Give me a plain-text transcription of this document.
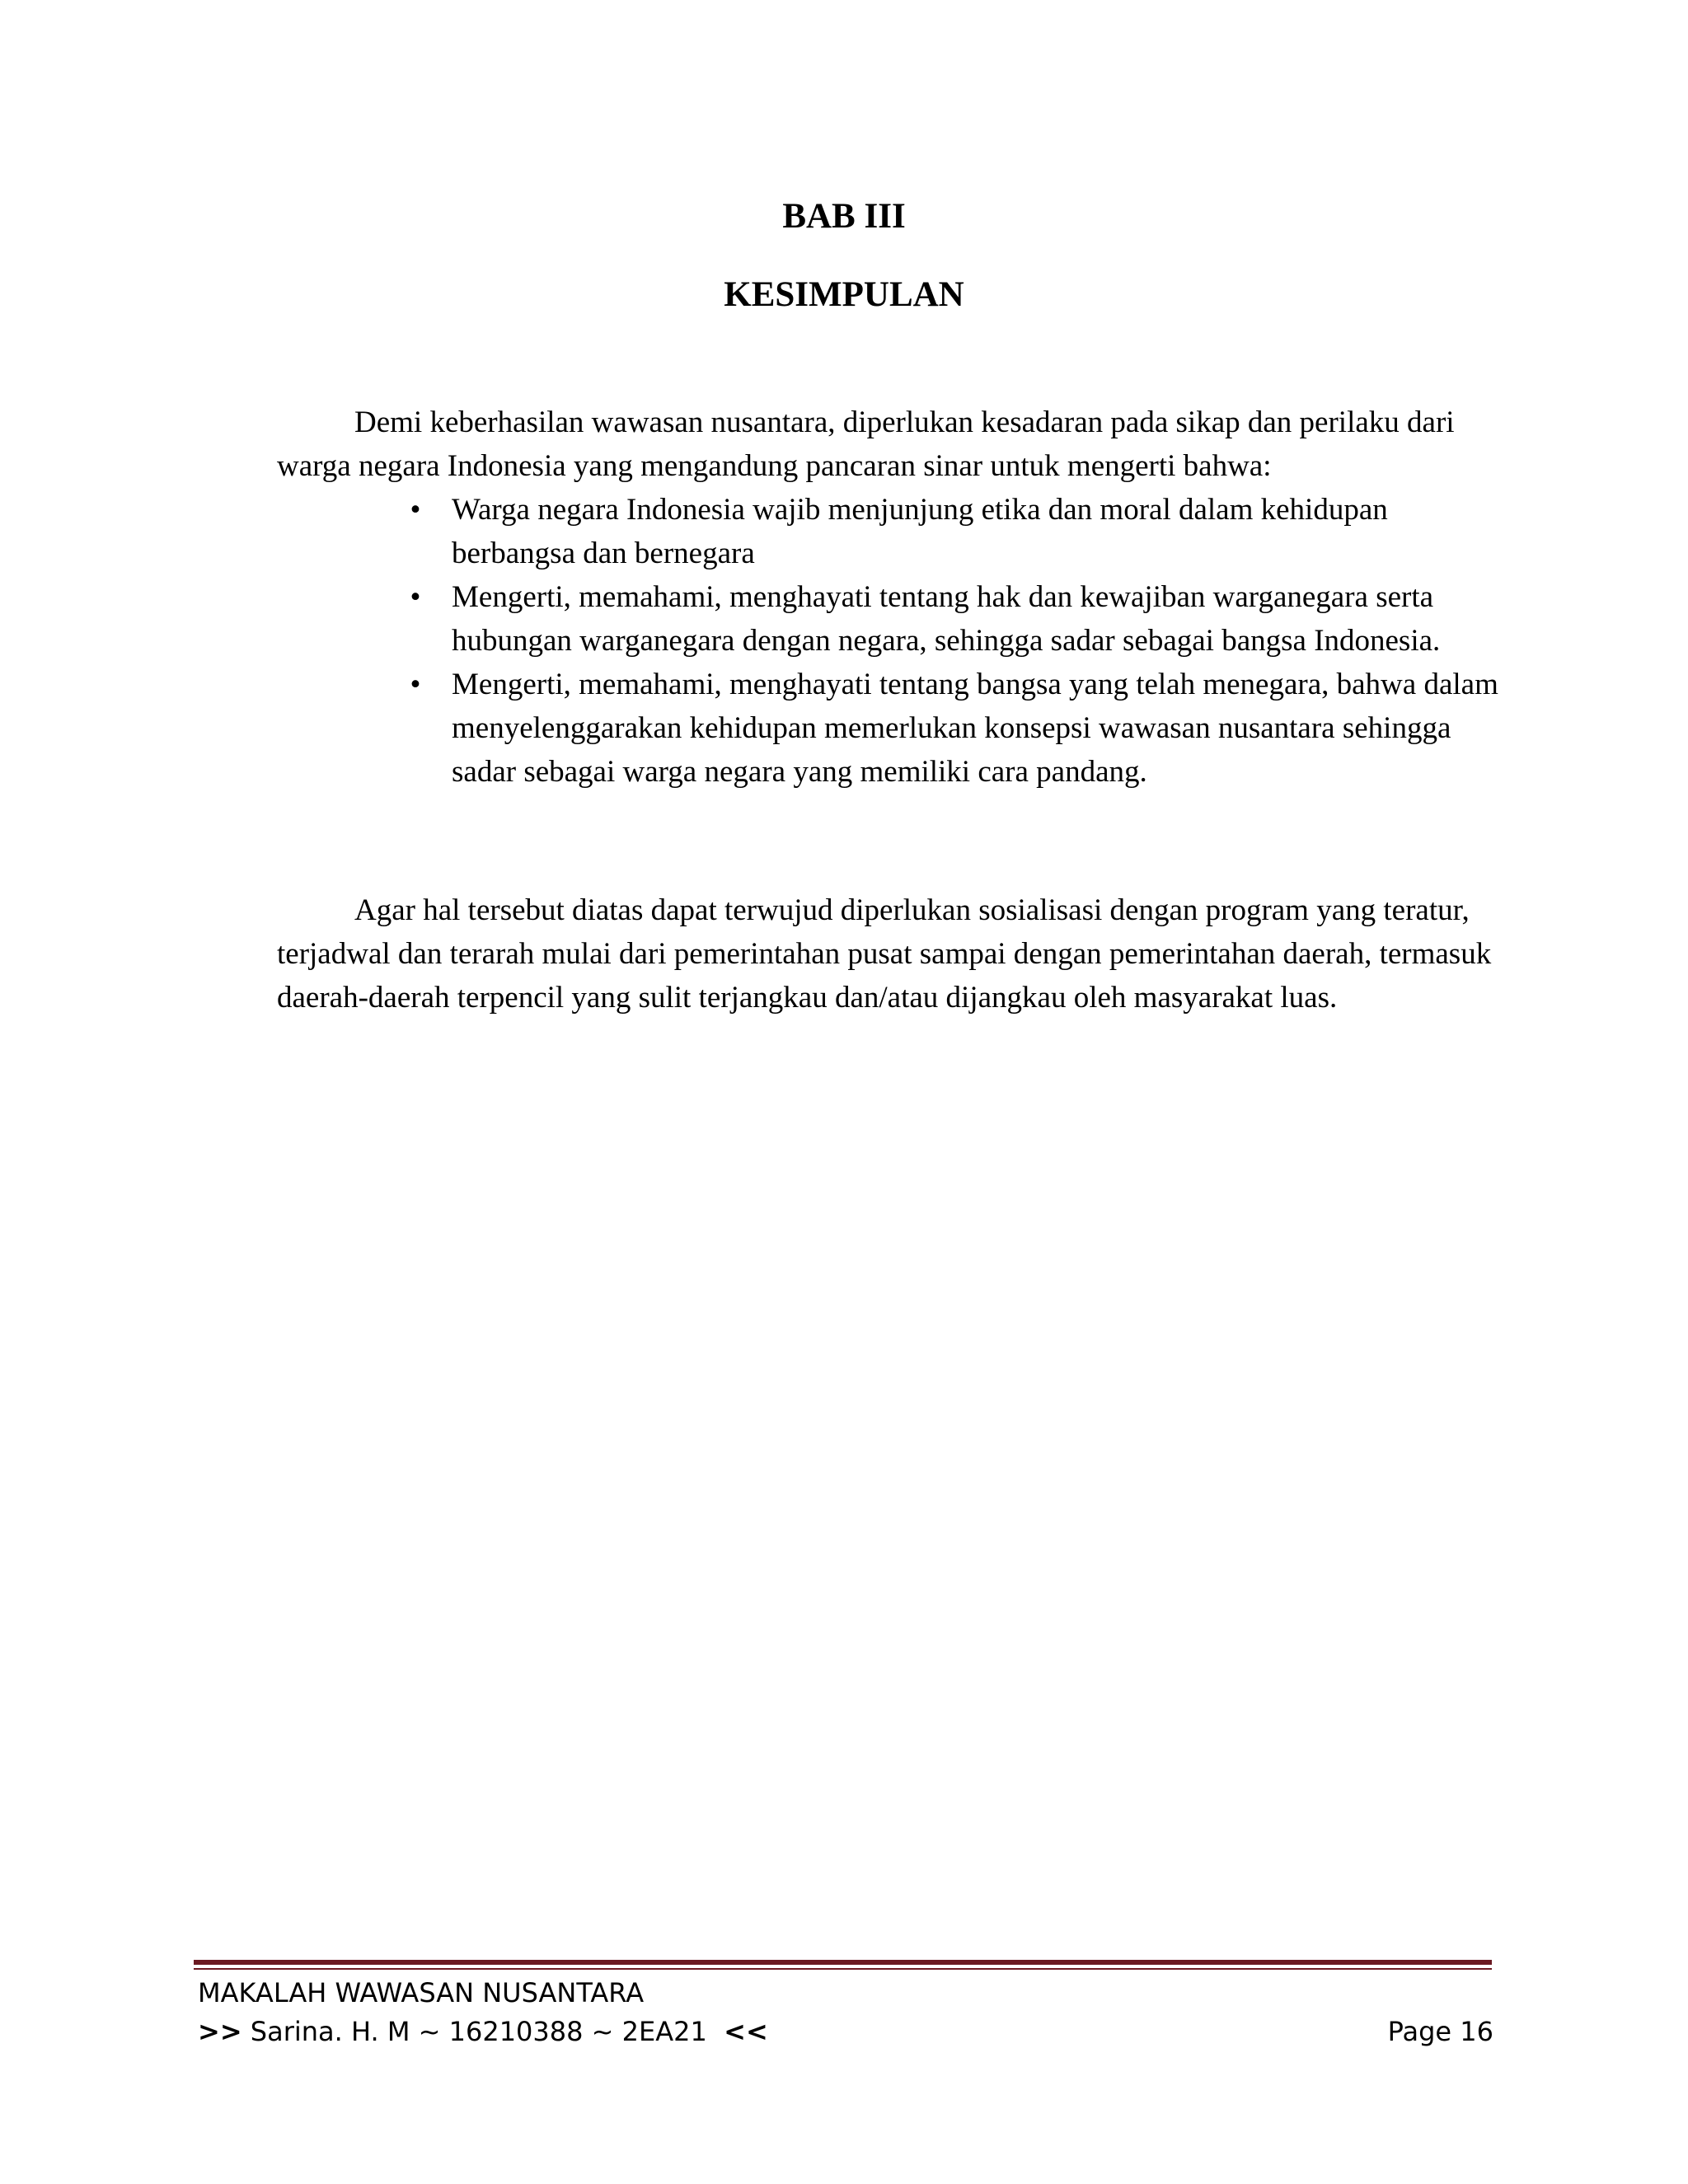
BAB III
KESIMPULAN

Demi keberhasilan wawasan nusantara, diperlukan kesadaran pada sikap dan perilaku dari warga negara Indonesia yang mengandung pancaran sinar untuk mengerti bahwa:

• Warga negara Indonesia wajib menjunjung etika dan moral dalam kehidupan berbangsa dan bernegara
• Mengerti, memahami, menghayati tentang hak dan kewajiban warganegara serta hubungan warganegara dengan negara, sehingga sadar sebagai bangsa Indonesia.
• Mengerti, memahami, menghayati tentang bangsa yang telah menegara, bahwa dalam menyelenggarakan kehidupan memerlukan konsepsi wawasan nusantara sehingga sadar sebagai warga negara yang memiliki cara pandang.

Agar hal tersebut diatas dapat terwujud diperlukan sosialisasi dengan program yang teratur, terjadwal dan terarah mulai dari pemerintahan pusat sampai dengan pemerintahan daerah, termasuk daerah-daerah terpencil yang sulit terjangkau dan/atau dijangkau oleh masyarakat luas.

MAKALAH WAWASAN NUSANTARA
>> Sarina. H. M ~ 16210388 ~ 2EA21  <<	Page 16
